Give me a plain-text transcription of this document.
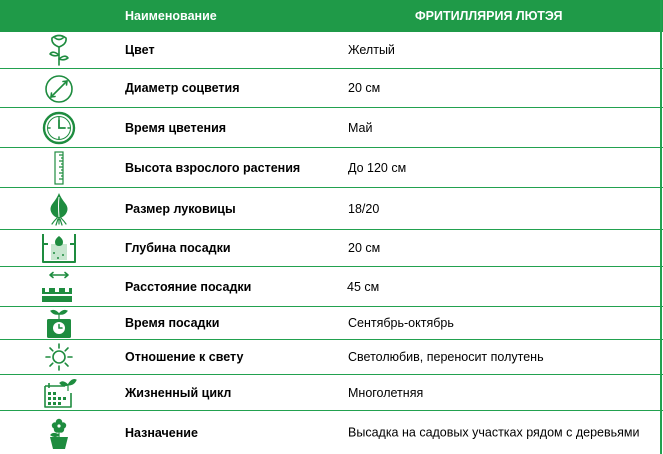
Наименование	ФРИТИЛЛЯРИЯ ЛЮТЭЯ
Цвет	Желтый
Диаметр соцветия	20 см
Время цветения	Май
Высота взрослого растения	До 120 см
Размер луковицы	18/20
Глубина посадки	20 см
Расстояние посадки	45 см
Время посадки	Сентябрь-октябрь
Отношение к свету	Светолюбив, переносит полутень
Жизненный цикл	Многолетняя
Назначение	Высадка на садовых участках рядом с деревьями
